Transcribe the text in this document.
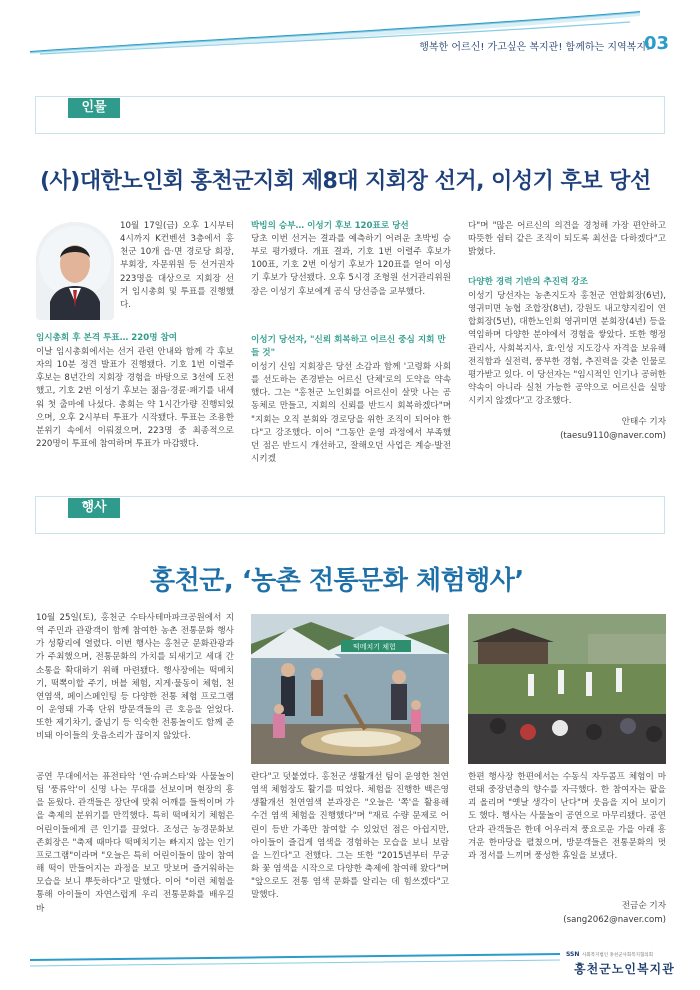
행복한 어르신! 가고싶은 복지관! 함께하는 지역복지!
03
인물
(사)대한노인회 홍천군지회 제8대 지회장 선거, 이성기 후보 당선
10월 17일(금) 오후 1시부터 4시까지 K컨벤션 3층에서 홍천군 10개 읍·면 경로당 회장, 부회장, 자문위원 등 선거권자 223명을 대상으로 지회장 선거 임시총회 및 투표를 진행했다.
임시총회 후 본격 투표… 220명 참여
이날 임시총회에서는 선거 관련 안내와 함께 각 후보자의 10분 정견 발표가 진행됐다. 기호 1번 이렬주 후보는 8년간의 지회장 경험을 바탕으로 3선에 도전했고, 기호 2번 이성기 후보는 젊음·경륜·패기를 내세워 첫 출마에 나섰다. 총회는 약 1시간가량 진행되었으며, 오후 2시부터 투표가 시작됐다. 투표는 조용한 분위기 속에서 이뤄졌으며, 223명 중 최종적으로 220명이 투표에 참여하며 투표가 마감됐다.
박빙의 승부… 이성기 후보 120표로 당선
당초 이번 선거는 결과를 예측하기 어려운 초박빙 승부로 평가됐다. 개표 결과, 기호 1번 이렬주 후보가 100표, 기호 2번 이성기 후보가 120표를 얻어 이성기 후보가 당선됐다. 오후 5시경 조형원 선거관리위원장은 이성기 후보에게 공식 당선증을 교부했다.
이성기 당선자, "신뢰 회복하고 어르신 중심 지회 만들 것"
이성기 신임 지회장은 당선 소감과 함께 '고령화 사회를 선도하는 존경받는 어르신 단체'로의 도약을 약속했다. 그는 "홍천군 노인회를 어르신이 살맛 나는 공동체로 만들고, 지회의 신뢰를 반드시 회복하겠다"며 "지회는 오직 분회와 경로당을 위한 조직이 되어야 한다"고 강조했다. 이어 "그동안 운영 과정에서 부족했던 점은 반드시 개선하고, 잘해오던 사업은 계승·발전시키겠
다"며 "많은 어르신의 의견을 경청해 가장 편안하고 따뜻한 쉼터 같은 조직이 되도록 최선을 다하겠다"고 밝혔다.
다양한 경력 기반의 추진력 강조
이성기 당선자는 농촌지도자 홍천군 연합회장(6년), 영귀미면 농협 조합장(8년), 강원도 내고향지킴이 연합회장(5년), 대한노인회 영귀미면 분회장(4년) 등을 역임하며 다양한 분야에서 경험을 쌓았다. 또한 행정관리사, 사회복지사, 효·인성 지도강사 자격을 보유해 전직함과 실전력, 풍부한 경험, 추진력을 갖춘 인물로 평가받고 있다. 이 당선자는 "임시적인 인기나 공허한 약속이 아니라 실천 가능한 공약으로 어르신을 실망시키지 않겠다"고 강조했다.
안태수 기자
(taesu9110@naver.com)
행사
홍천군, ‘농촌 전통문화 체험행사’
10월 25일(토), 홍천군 수타사테마파크공원에서 지역 주민과 관광객이 함께 참여한 농촌 전통문화 행사가 성황리에 열렸다. 이번 행사는 홍천군 문화관광과가 주최했으며, 전통문화의 가치를 되새기고 세대 간 소통을 확대하기 위해 마련됐다. 행사장에는 떡메치기, 떡뽁이할 주기, 버블 체험, 지게·물동이 체험, 천연염색, 페이스페인팅 등 다양한 전통 체험 프로그램이 운영돼 가족 단위 방문객들의 큰 호응을 얻었다. 또한 제기차기, 줄넘기 등 익숙한 전통놀이도 함께 준비돼 아이들의 웃음소리가 끊이지 않았다.
공연 무대에서는 퓨전타악 '연·슈퍼스타'와 사물놀이팀 '풍류악'이 신명 나는 무대를 선보이며 현장의 흥을 돋웠다. 관객들은 장단에 맞춰 어깨를 들썩이며 가을 축제의 분위기를 만끽했다. 특히 떡메치기 체험은 어린이들에게 큰 인기를 끌었다. 조성근 농경문화보존회장은 "축제 때마다 떡메치기는 빠지지 않는 인기 프로그램"이라며 "오늘은 특히 어린이들이 많이 참여해 떡이 만들어지는 과정을 보고 맛보며 즐거워하는 모습을 보니 뿌듯하다"고 말했다. 이어 "이런 체험을 통해 아이들이 자연스럽게 우리 전통문화를 배우길 바
떡메치기 체험
란다"고 덧붙였다. 홍천군 생활개선 팀이 운영한 천연염색 체험장도 활기를 띠었다. 체험을 진행한 백은영 생활개선 천연염색 분과장은 "오늘은 '쪽'을 활용해 수건 염색 체험을 진행했다"며 "재료 수량 문제로 어린이 등반 가족만 참여할 수 있었던 점은 아쉽지만, 아이들이 즐겁게 염색을 경험하는 모습을 보니 보람을 느낀다"고 전했다. 그는 또한 "2015년부터 무궁화 꽃 염색을 시작으로 다양한 축제에 참여해 왔다"며 "앞으로도 전통 염색 문화를 알리는 데 힘쓰겠다"고 말했다.
한편 행사장 한편에서는 수동식 자두콤프 체험이 마련돼 중장년층의 향수를 자극했다. 한 참여자는 팥을 괴 올리며 "옛날 생각이 난다"며 웃음을 지어 보이기도 했다. 행사는 사물놀이 공연으로 마무리됐다. 공연단과 관객들은 한데 어우러져 풍요로운 가을 아래 흥겨운 한마당을 펼쳤으며, 방문객들은 전통문화의 멋과 정서를 느끼며 풍성한 휴일을 보냈다.
전금순 기자
(sang2062@naver.com)
SSN 사회복지법인 홍천군사회복지협의회
홍천군노인복지관
